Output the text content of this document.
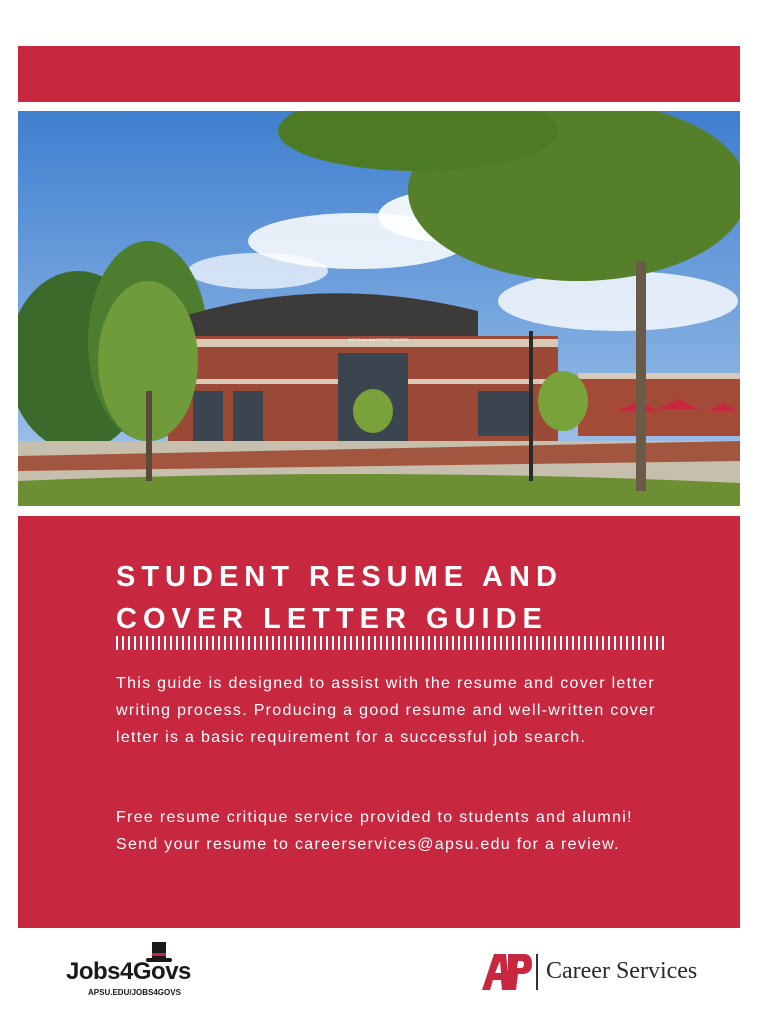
MORGAN UNIVERSITY CENTER
STUDENT RESUME AND
COVER LETTER GUIDE

This guide is designed to assist with the resume and cover letter writing process. Producing a good resume and well-written cover letter is a basic requirement for a successful job search.

Free resume critique service provided to students and alumni! Send your resume to careerservices@apsu.edu for a review.

Jobs4Govs
APSU.EDU/JOBS4GOVS
Career Services
